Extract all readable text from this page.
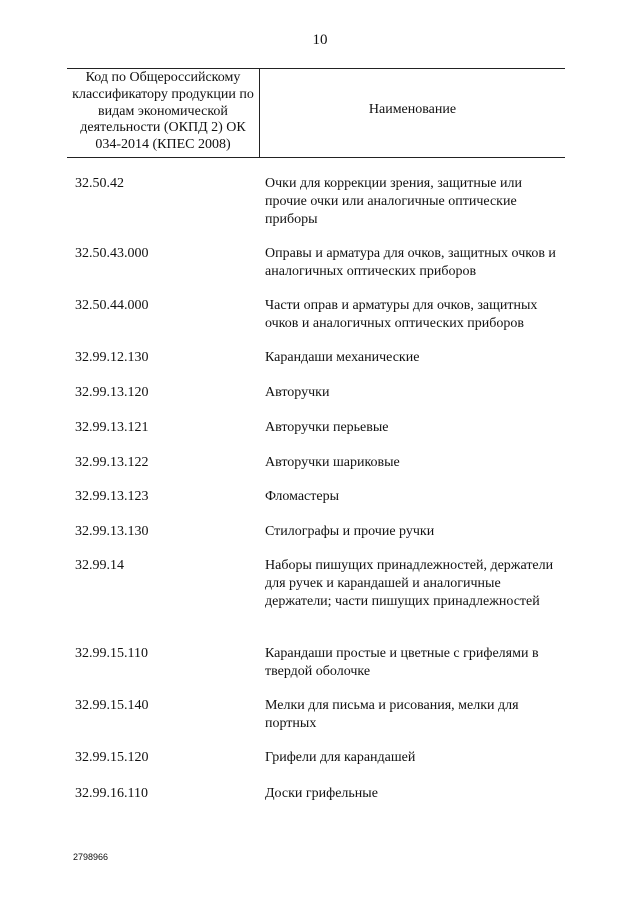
10
Код по Общероссийскому классификатору продукции по видам экономической деятельности (ОКПД 2) ОК 034-2014 (КПЕС 2008)
Наименование
32.50.42	Очки для коррекции зрения, защитные или прочие очки или аналогичные оптические приборы
32.50.43.000	Оправы и арматура для очков, защитных очков и аналогичных оптических приборов
32.50.44.000	Части оправ и арматуры для очков, защитных очков и аналогичных оптических приборов
32.99.12.130	Карандаши механические
32.99.13.120	Авторучки
32.99.13.121	Авторучки перьевые
32.99.13.122	Авторучки шариковые
32.99.13.123	Фломастеры
32.99.13.130	Стилографы и прочие ручки
32.99.14	Наборы пишущих принадлежностей, держатели для ручек и карандашей и аналогичные держатели; части пишущих принадлежностей
32.99.15.110	Карандаши простые и цветные с грифелями в твердой оболочке
32.99.15.140	Мелки для письма и рисования, мелки для портных
32.99.15.120	Грифели для карандашей
32.99.16.110	Доски грифельные
2798966
